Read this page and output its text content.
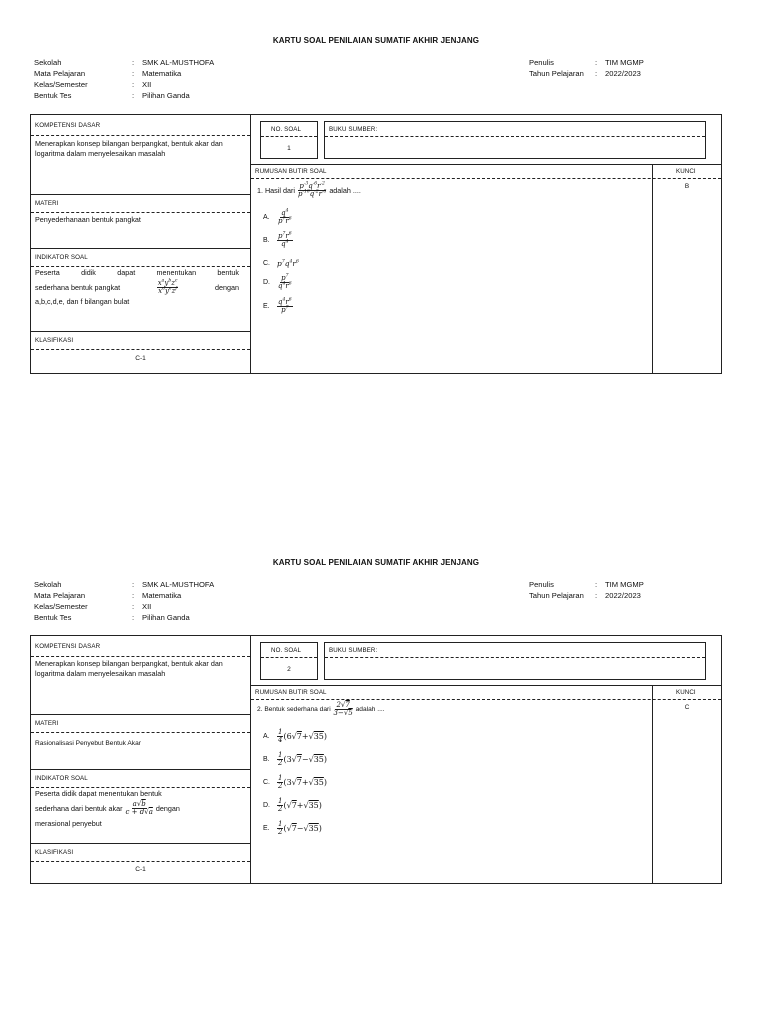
KARTU SOAL PENILAIAN SUMATIF AKHIR JENJANG
Sekolah	: SMK AL-MUSTHOFA
Mata Pelajaran	: Matematika
Kelas/Semester	: XII
Bentuk Tes	: Pilihan Ganda
Penulis	: TIM MGMP
Tahun Pelajaran : 2022/2023
KOMPETENSI DASAR
Menerapkan konsep bilangan berpangkat, bentuk akar dan logaritma dalam menyelesaikan masalah
MATERI
Penyederhanaan bentuk pangkat
INDIKATOR SOAL
Peserta didik dapat menentukan bentuk
sederhana bentuk pangkat	$\frac{x^ay^bz^c}{x^dy^ez^f}$	dengan
a,b,c,d,e, dan f bilangan bulat
KLASIFIKASI
C-1
NO. SOAL
1
BUKU SUMBER:
RUMUSAN BUTIR SOAL	KUNCI
B
1. Hasil dari
$\frac{p^{-3}q^{-6}r^{-2}}{p^{-10}q^{-2}r^{-8}}$
adalah ....
A.	$\frac{q^4}{p^7r^6}$
B.	$\frac{p^7r^6}{q^4}$
C. $p^7q^4r^6$
D.	$\frac{p^7}{q^4r^6}$
E.	$\frac{q^4r^6}{p^7}$
KARTU SOAL PENILAIAN SUMATIF AKHIR JENJANG
Sekolah	: SMK AL-MUSTHOFA
Mata Pelajaran	: Matematika
Kelas/Semester	: XII
Bentuk Tes	: Pilihan Ganda
Penulis	: TIM MGMP
Tahun Pelajaran : 2022/2023
KOMPETENSI DASAR
Menerapkan konsep bilangan berpangkat, bentuk akar dan logaritma dalam menyelesaikan masalah
MATERI
Rasionalisasi Penyebut Bentuk Akar
INDIKATOR SOAL
Peserta didik dapat menentukan bentuk
sederhana dari bentuk akar
$\frac{a√b}{c + d√a}$
dengan
merasional penyebut
KLASIFIKASI
C-1
NO. SOAL
2
BUKU SUMBER:
RUMUSAN BUTIR SOAL	KUNCI
C
2. Bentuk sederhana dari
$\frac{2√7}{3-√5}$
adalah ....
A.	$\frac{1}{4} (6√7+√35)$
B.	$\frac{1}{2} (3√7-√35)$
C.	$\frac{1}{2} (3√7+√35)$
D.	$\frac{1}{2} (√7+√35)$
E.	$\frac{1}{2} (√7-√35)$
